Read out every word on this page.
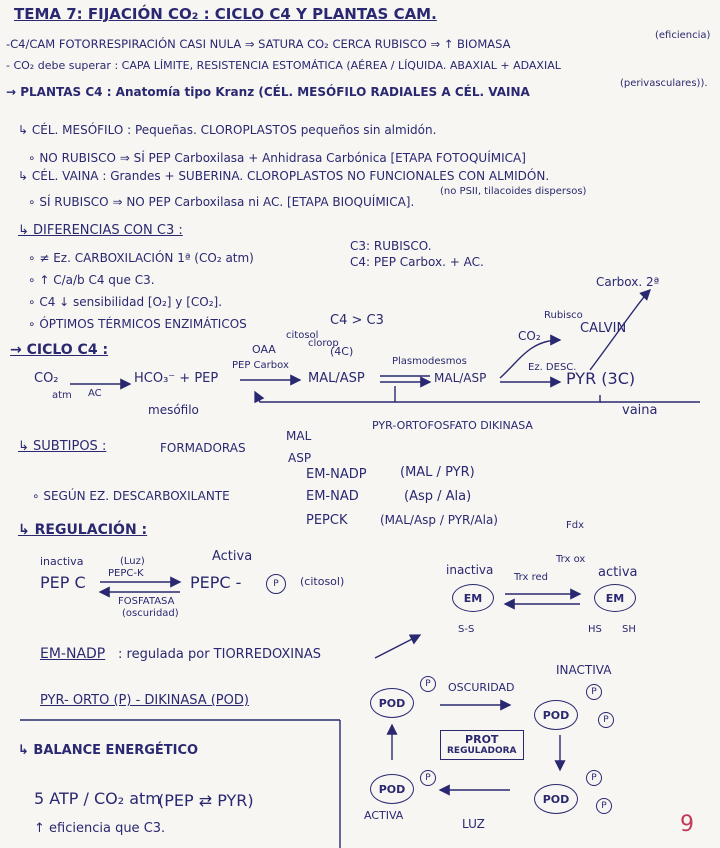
TEMA 7: FIJACIÓN CO₂ : CICLO C4 Y PLANTAS CAM.
-C4/CAM FOTORRESPIRACIÓN CASI NULA ⇒ SATURA CO₂ CERCA RUBISCO ⇒ ↑ BIOMASA
(eficiencia)
- CO₂ debe superar : CAPA LÍMITE, RESISTENCIA ESTOMÁTICA (AÉREA / LÍQUIDA. ABAXIAL + ADAXIAL
→ PLANTAS C4 : Anatomía tipo Kranz (CÉL. MESÓFILO RADIALES A CÉL. VAINA
(perivasculares)).
↳ CÉL. MESÓFILO : Pequeñas. CLOROPLASTOS pequeños sin almidón.
∘ NO RUBISCO ⇒ SÍ PEP Carboxilasa + Anhidrasa Carbónica [ETAPA FOTOQUÍMICA]
↳ CÉL. VAINA : Grandes + SUBERINA. CLOROPLASTOS NO FUNCIONALES CON ALMIDÓN.
(no PSII, tilacoides dispersos)
∘ SÍ RUBISCO ⇒ NO PEP Carboxilasa ni AC. [ETAPA BIOQUÍMICA].
↳ DIFERENCIAS CON C3 :
∘ ≠ Ez. CARBOXILACIÓN 1ª (CO₂ atm)
C3: RUBISCO.
C4: PEP Carbox. + AC.
∘ ↑ C/a/b C4 que C3.
∘ C4 ↓ sensibilidad [O₂] y [CO₂].
∘ ÓPTIMOS TÉRMICOS ENZIMÁTICOS	C4 > C3
→ CICLO C4 :
CO₂
atm AC
HCO₃⁻ + PEP
PEP Carbox
OAA
citosol
clorop
(4C)
MAL/ASP
Plasmodesmos
MAL/ASP
Ez. DESC.
CO₂
Rubisco
CALVIN
Carbox. 2ª
PYR (3C)
mesófilo	vaina
PYR-ORTOFOSFATO DIKINASA
↳ SUBTIPOS :	FORMADORAS
MAL
ASP
∘ SEGÚN EZ. DESCARBOXILANTE
EM-NADP	(MAL / PYR)
EM-NAD	(Asp / Ala)
PEPCK	(MAL/Asp / PYR/Ala)
↳ REGULACIÓN :
inactiva	Activa
PEP C
(Luz)
PEPC-K
FOSFATASA
(oscuridad)
PEPC -	P	(citosol)
inactiva	activa
EM	EM
Trx red
Trx ox
Fdx
S-S	HS SH
EM-NADP : regulada por TIORREDOXINAS
PYR- ORTO (P) - DIKINASA (POD)	POD
P	OSCURIDAD
INACTIVA
POD
P
P
PROT
REGULADORA
POD
P
POD
P
P
ACTIVA
LUZ
↳ BALANCE ENERGÉTICO
5 ATP / CO₂ atm
(PEP ⇄ PYR)
↑ eficiencia que C3.	9
